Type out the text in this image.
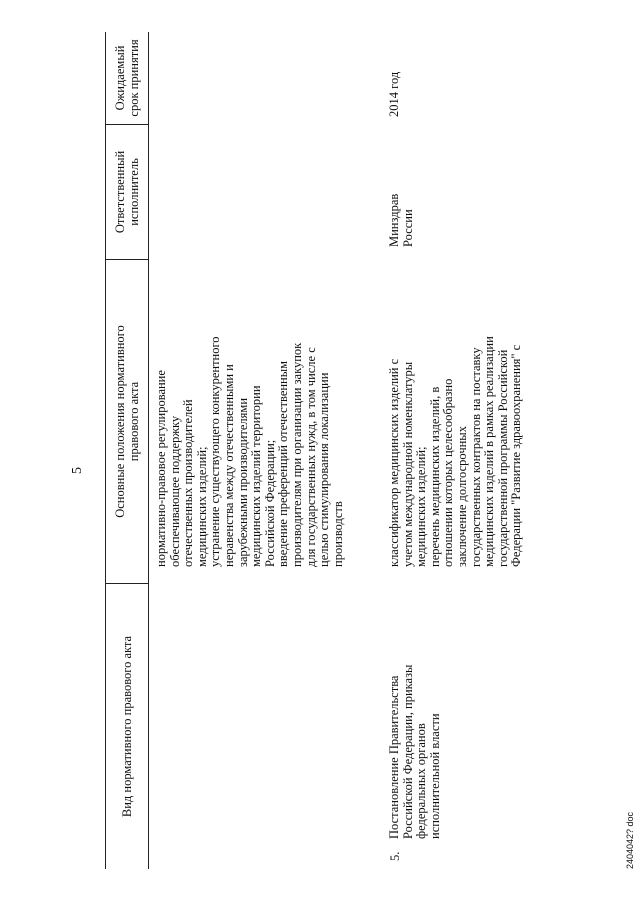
5
Вид нормативного правового акта
Основные положения нормативного правового акта
Ответственный исполнитель
Ожидаемый срок принятия
нормативно-правовое регулирование обеспечивающее поддержку отечественных производителей медицинских изделий; устранение существующего конкурентного неравенства между отечественными и зарубежными производителями медицинских изделий территории Российской Федерации; введение преференций отечественным производителям при организации закупок для государственных нужд, в том числе с целью стимулирования локализации производств
5.
Постановление Правительства Российской Федерации, приказы федеральных органов исполнительной власти
классификатор медицинских изделий с учетом международной номенклатуры медицинских изделий; перечень медицинских изделий, в отношении которых целесообразно заключение долгосрочных государственных контрактов на поставку медицинских изделий в рамках реализации государственной программы Российской Федерации "Развитие здравоохранения" с
Минздрав России
2014 год
2404042? doc
